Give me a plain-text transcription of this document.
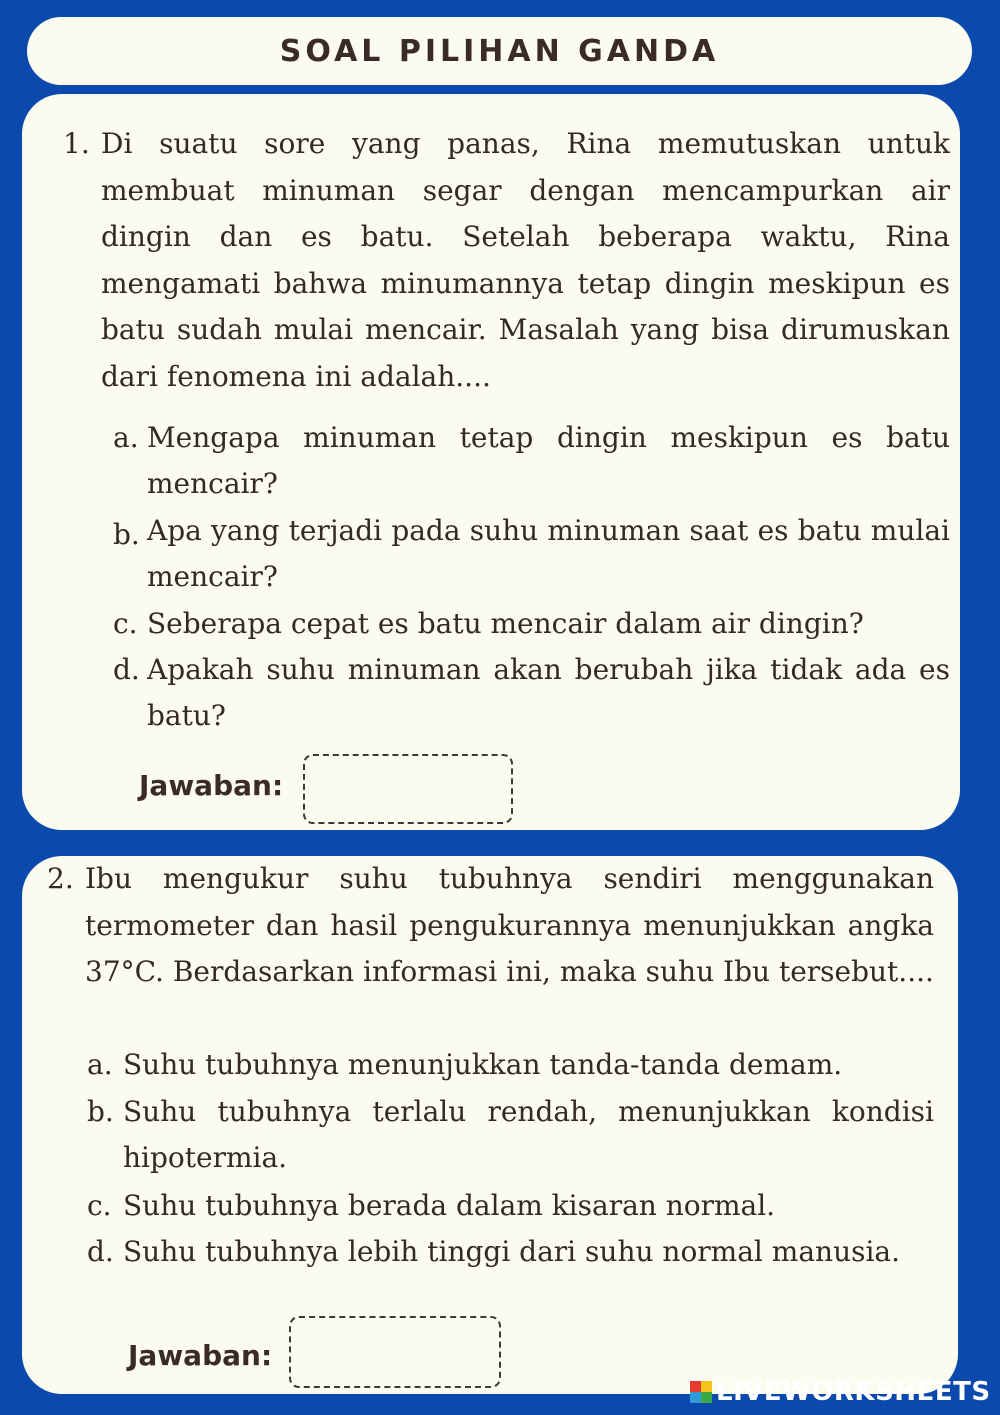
SOAL PILIHAN GANDA
1. Di suatu sore yang panas, Rina memutuskan untuk membuat minuman segar dengan mencampurkan air dingin dan es batu. Setelah beberapa waktu, Rina mengamati bahwa minumannya tetap dingin meskipun es batu sudah mulai mencair. Masalah yang bisa dirumuskan dari fenomena ini adalah....
a. Mengapa minuman tetap dingin meskipun es batu mencair?
b. Apa yang terjadi pada suhu minuman saat es batu mulai mencair?
c. Seberapa cepat es batu mencair dalam air dingin?
d. Apakah suhu minuman akan berubah jika tidak ada es batu?
Jawaban:
2. Ibu mengukur suhu tubuhnya sendiri menggunakan termometer dan hasil pengukurannya menunjukkan angka 37°C. Berdasarkan informasi ini, maka suhu Ibu tersebut....
a. Suhu tubuhnya menunjukkan tanda-tanda demam.
b. Suhu tubuhnya terlalu rendah, menunjukkan kondisi hipotermia.
c. Suhu tubuhnya berada dalam kisaran normal.
d. Suhu tubuhnya lebih tinggi dari suhu normal manusia.
Jawaban:
LIVEWORKSHEETS
